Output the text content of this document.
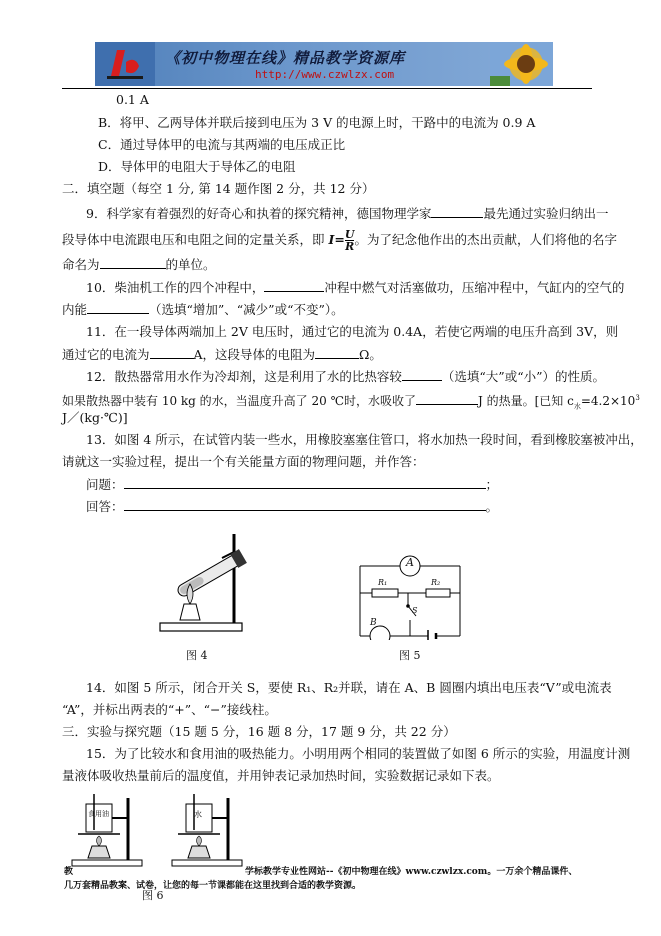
《初中物理在线》精品教学资源库
http://www.czwlzx.com
0.1 A
B．将甲、乙两导体并联后接到电压为 3 V 的电源上时，干路中的电流为 0.9 A
C．通过导体甲的电流与其两端的电压成正比
D．导体甲的电阻大于导体乙的电阻
二．填空题（每空 1 分, 第 14 题作图 2 分，共 12 分）
9．科学家有着强烈的好奇心和执着的探究精神，德国物理学家	最先通过实验归纳出一
段导体中电流跟电压和电阻之间的定量关系，即 $I= \frac{U}{R}$ 。为了纪念他作出的杰出贡献，人们将他的名字
命名为	的单位。
10．柴油机工作的四个冲程中，	冲程中燃气对活塞做功，压缩冲程中，气缸内的空气的
内能	（选填“增加”、“减少”或“不变”）。
11．在一段导体两端加上 2V 电压时，通过它的电流为 0.4A，若使它两端的电压升高到 3V，则
通过它的电流为	A，这段导体的电阻为	Ω。
12．散热器常用水作为冷却剂，这是利用了水的比热容较	（选填“大”或“小”）的性质。
如果散热器中装有 10 kg 的水，当温度升高了 20 ℃时，水吸收了	J 的热量。[已知 $c_水=4.2\times 10^3$
J／(kg·℃)]
13．如图 4 所示，在试管内装一些水，用橡胶塞塞住管口，将水加热一段时间，看到橡胶塞被冲出，
请就这一实验过程，提出一个有关能量方面的物理问题，并作答：
问题：	；
回答：	。
图 4
A
R₁	R₂
S
B
图 5
14．如图 5 所示，闭合开关 S，要使 R₁、R₂并联，请在 A、B 圆圈内填出电压表“V”或电流表
“A”，并标出两表的“+”、“−”接线柱。
三．实验与探究题（15 题 5 分，16 题 8 分，17 题 9 分，共 22 分）
15．为了比较水和食用油的吸热能力。小明用两个相同的装置做了如图 6 所示的实验，用温度计测
量液体吸收热量前后的温度值，并用钟表记录加热时间，实验数据记录如下表。
食用油	水
教	学标教学专业性网站--《初中物理在线》www.czwlzx.com。一万余个精品课件、
几万套精品教案、试卷，让您的每一节课都能在这里找到合适的教学资源。
图 6
